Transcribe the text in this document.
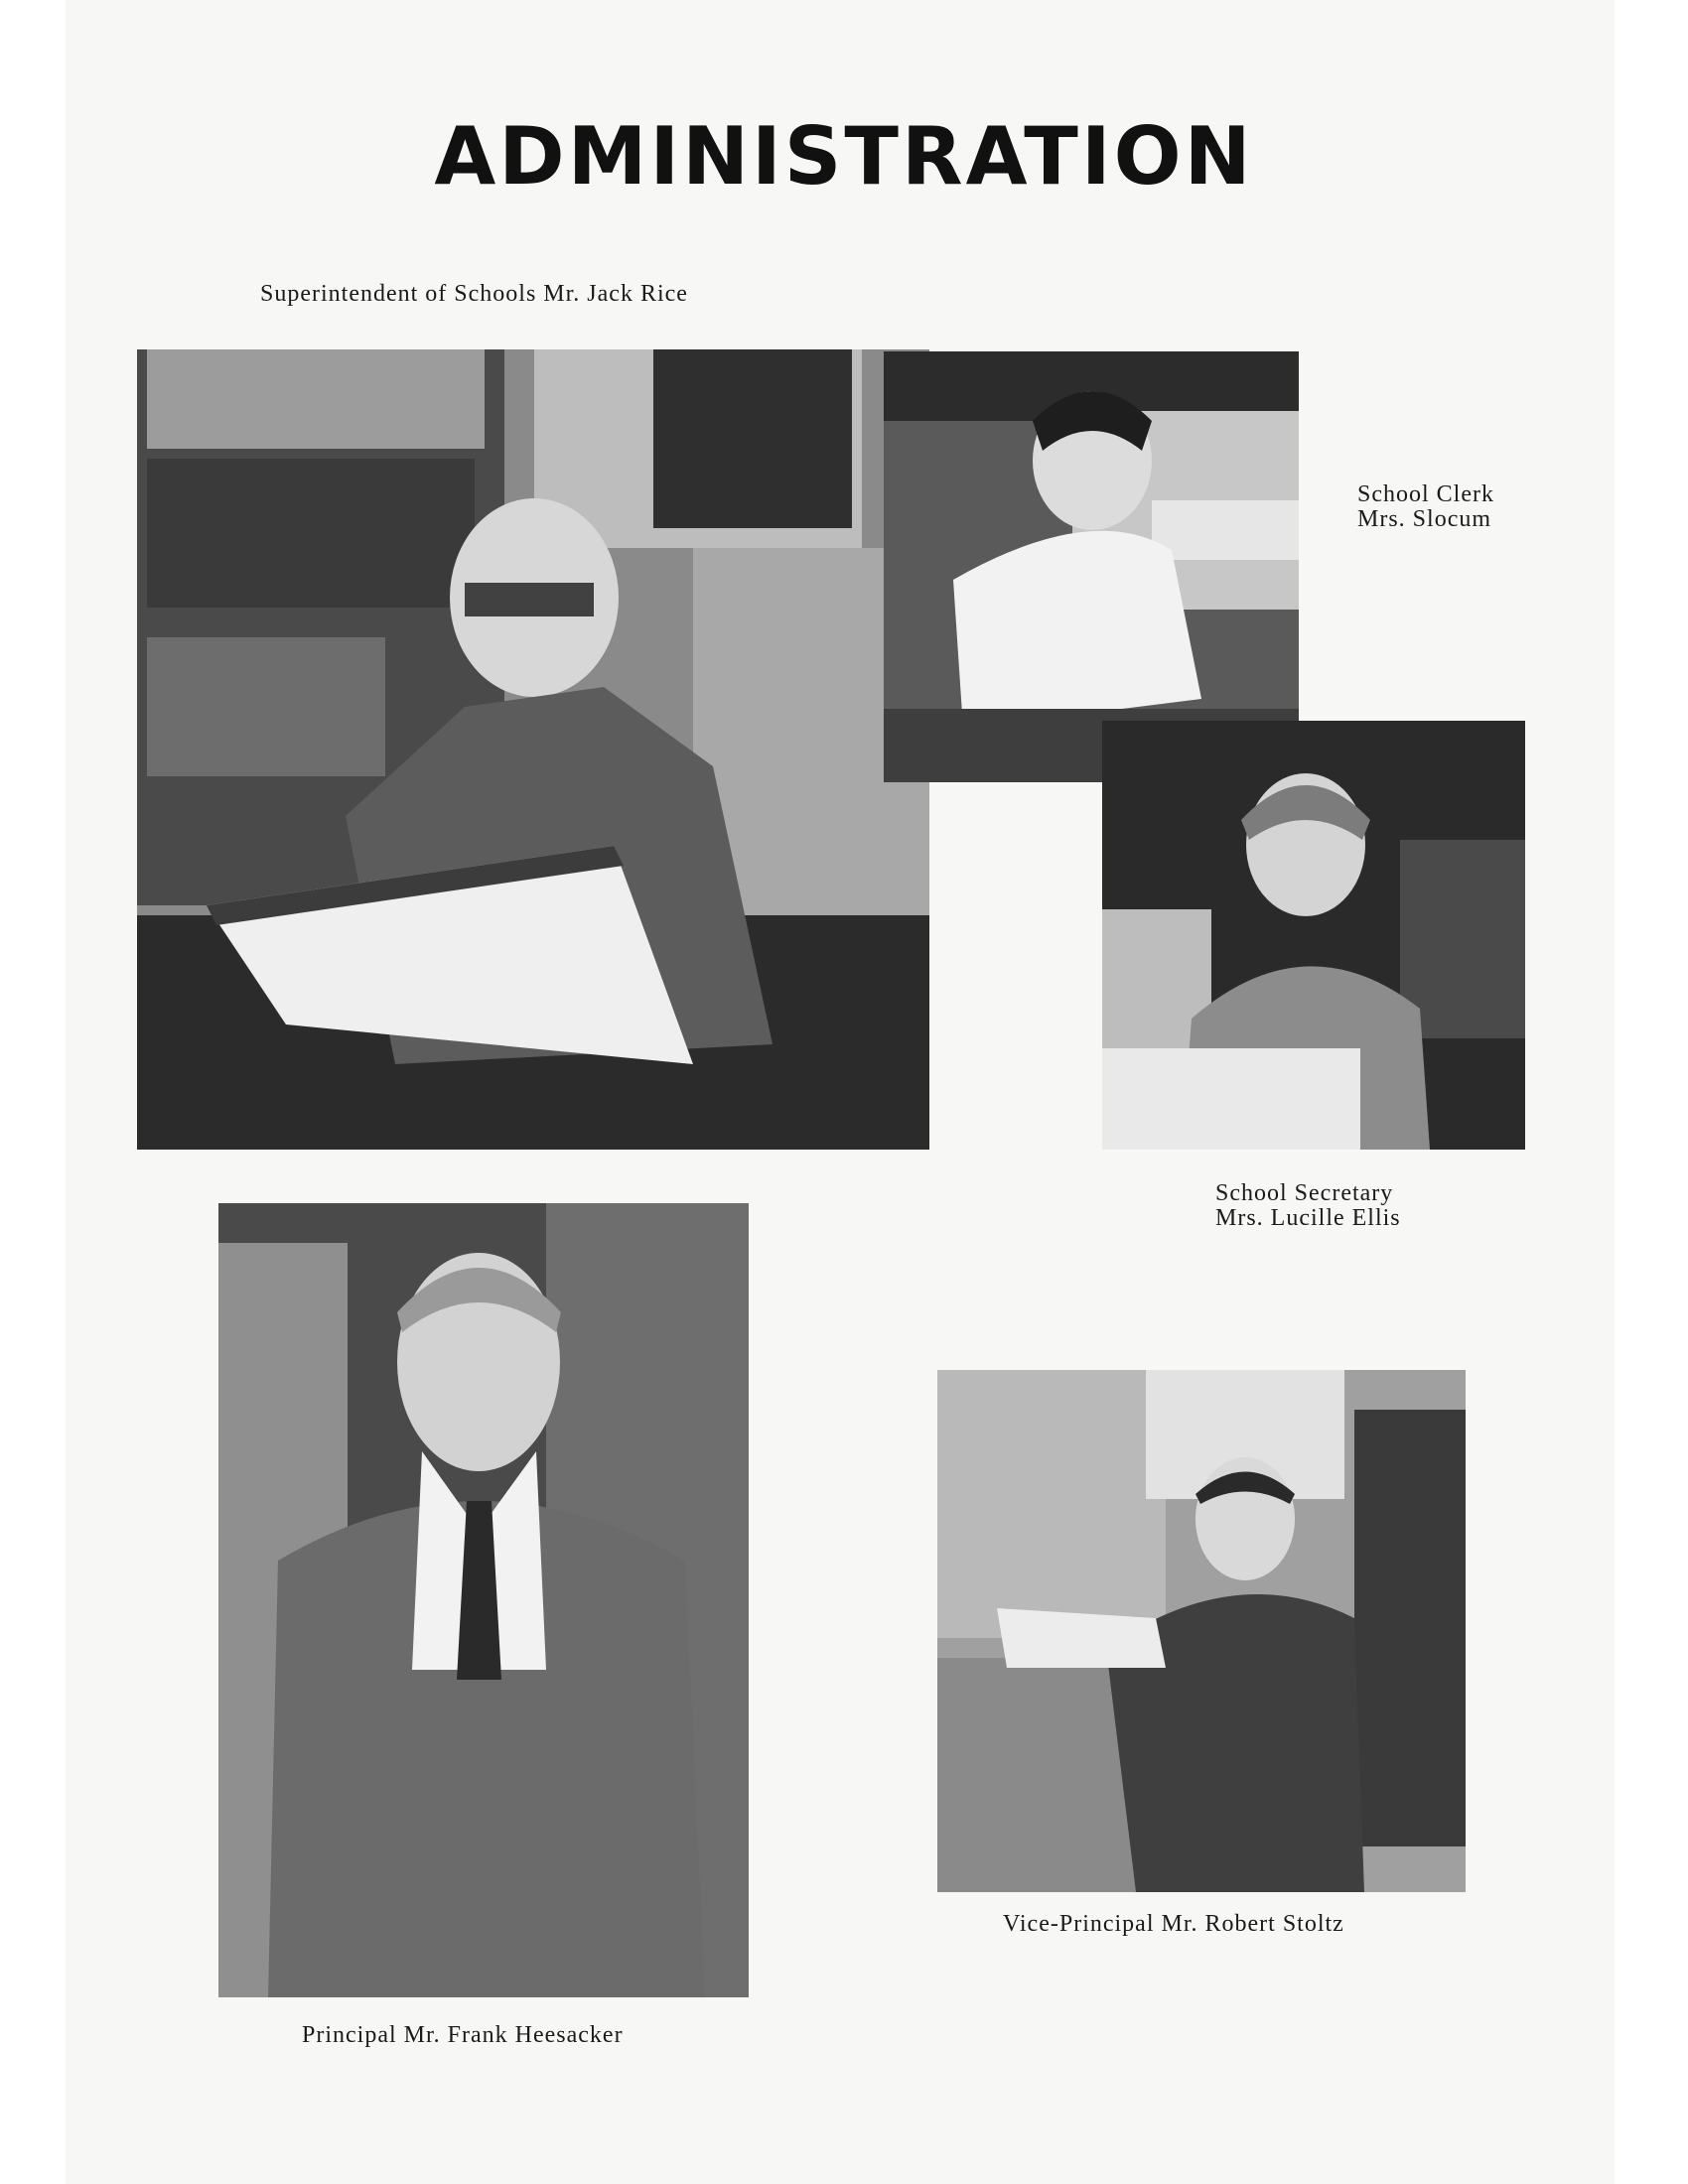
ADMINISTRATION
Superintendent of Schools Mr. Jack Rice
School Clerk
Mrs. Slocum
School Secretary
Mrs. Lucille Ellis
Principal Mr. Frank Heesacker
Vice-Principal Mr. Robert Stoltz
